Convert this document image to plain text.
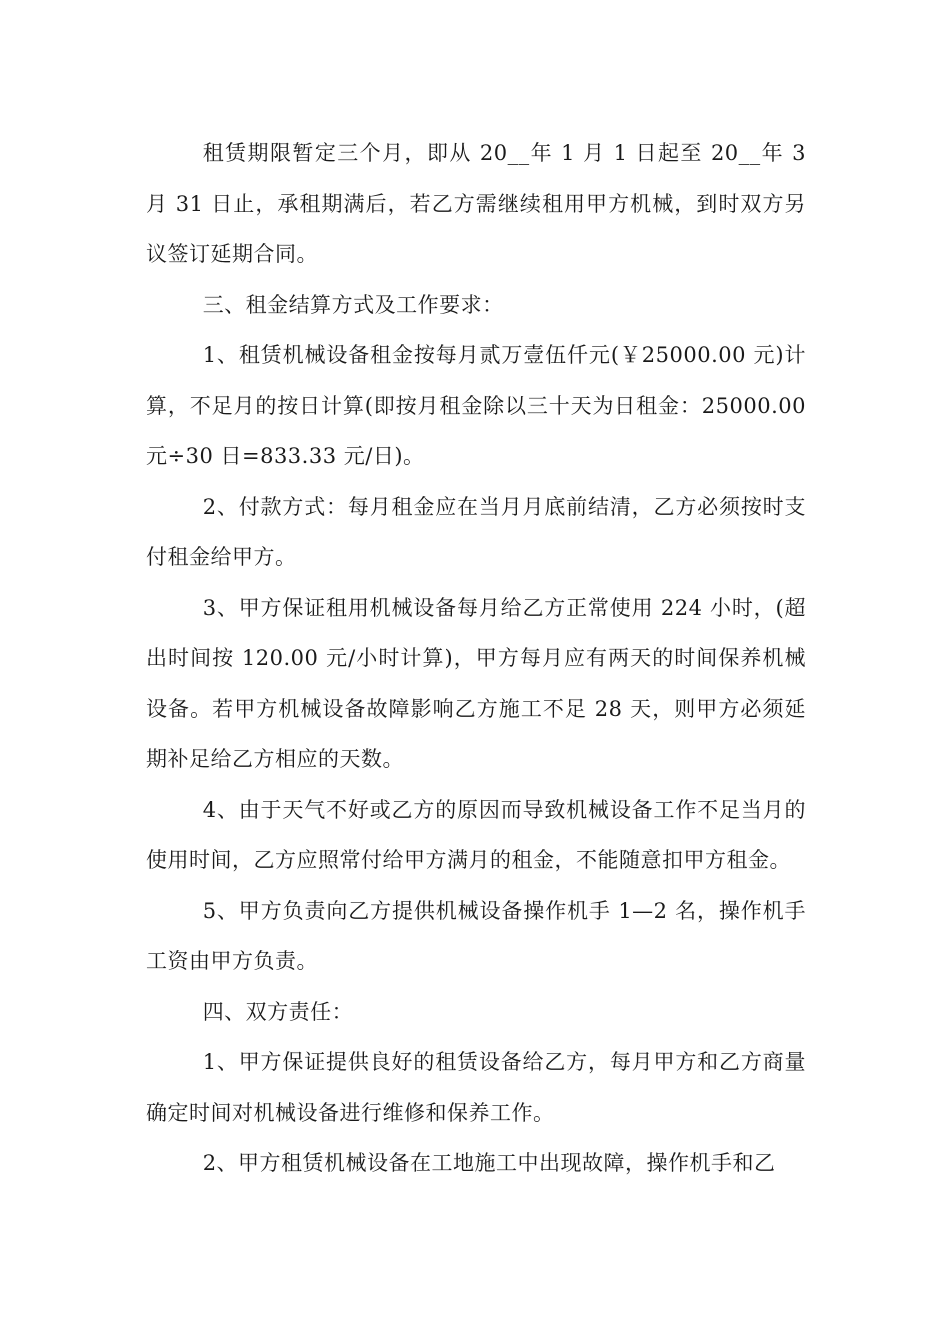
租赁期限暂定三个月，即从 20__年 1 月 1 日起至 20__年 3 月 31 日止，承租期满后，若乙方需继续租用甲方机械，到时双方另议签订延期合同。

三、租金结算方式及工作要求：

1、租赁机械设备租金按每月贰万壹伍仟元(￥25000.00 元)计算，不足月的按日计算(即按月租金除以三十天为日租金：25000.00 元÷30 日=833.33 元/日)。

2、付款方式：每月租金应在当月月底前结清，乙方必须按时支付租金给甲方。

3、甲方保证租用机械设备每月给乙方正常使用 224 小时，(超出时间按 120.00 元/小时计算)，甲方每月应有两天的时间保养机械设备。若甲方机械设备故障影响乙方施工不足 28 天，则甲方必须延期补足给乙方相应的天数。

4、由于天气不好或乙方的原因而导致机械设备工作不足当月的使用时间，乙方应照常付给甲方满月的租金，不能随意扣甲方租金。

5、甲方负责向乙方提供机械设备操作机手 1—2 名，操作机手工资由甲方负责。

四、双方责任：

1、甲方保证提供良好的租赁设备给乙方，每月甲方和乙方商量确定时间对机械设备进行维修和保养工作。

2、甲方租赁机械设备在工地施工中出现故障，操作机手和乙
